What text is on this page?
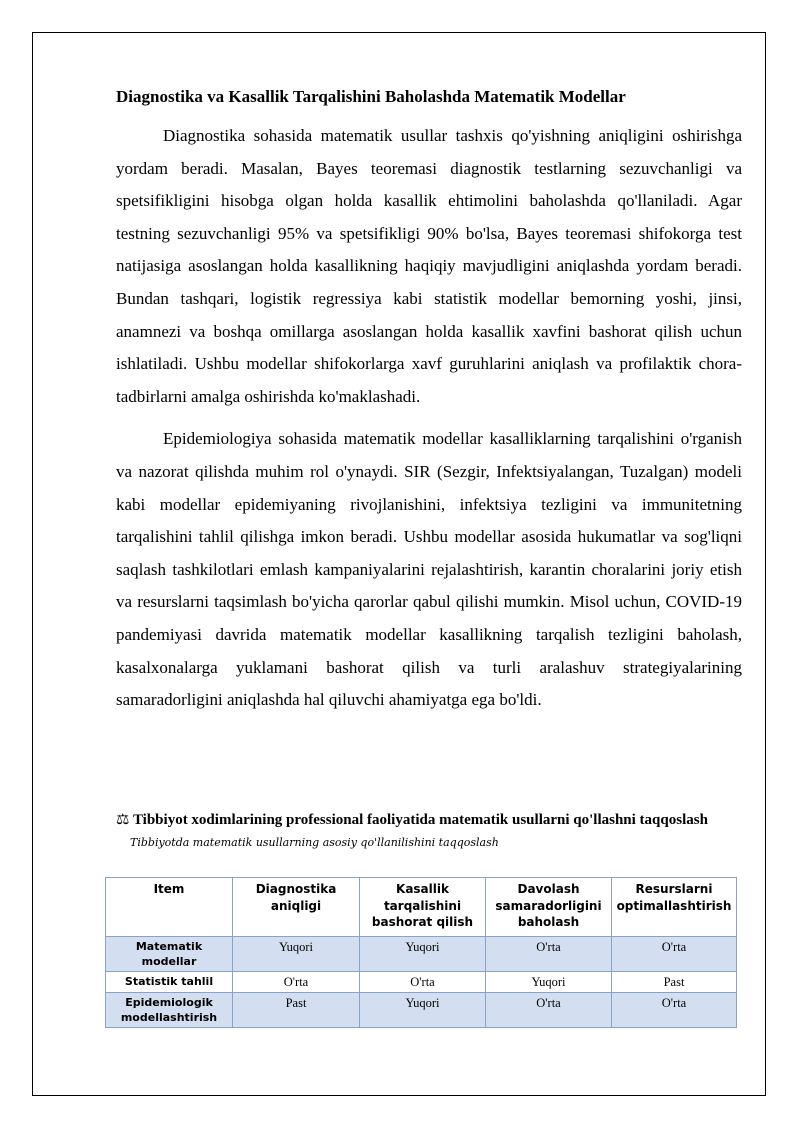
Diagnostika va Kasallik Tarqalishini Baholashda Matematik Modellar

Diagnostika sohasida matematik usullar tashxis qo'yishning aniqligini oshirishga yordam beradi. Masalan, Bayes teoremasi diagnostik testlarning sezuvchanligi va spetsifikligini hisobga olgan holda kasallik ehtimolini baholashda qo'llaniladi. Agar testning sezuvchanligi 95% va spetsifikligi 90% bo'lsa, Bayes teoremasi shifokorga test natijasiga asoslangan holda kasallikning haqiqiy mavjudligini aniqlashda yordam beradi. Bundan tashqari, logistik regressiya kabi statistik modellar bemorning yoshi, jinsi, anamnezi va boshqa omillarga asoslangan holda kasallik xavfini bashorat qilish uchun ishlatiladi. Ushbu modellar shifokorlarga xavf guruhlarini aniqlash va profilaktik chora-tadbirlarni amalga oshirishda ko'maklashadi.

Epidemiologiya sohasida matematik modellar kasalliklarning tarqalishini o'rganish va nazorat qilishda muhim rol o'ynaydi. SIR (Sezgir, Infektsiyalangan, Tuzalgan) modeli kabi modellar epidemiyaning rivojlanishini, infektsiya tezligini va immunitetning tarqalishini tahlil qilishga imkon beradi. Ushbu modellar asosida hukumatlar va sog'liqni saqlash tashkilotlari emlash kampaniyalarini rejalashtirish, karantin choralarini joriy etish va resurslarni taqsimlash bo'yicha qarorlar qabul qilishi mumkin. Misol uchun, COVID-19 pandemiyasi davrida matematik modellar kasallikning tarqalish tezligini baholash, kasalxonalarga yuklamani bashorat qilish va turli aralashuv strategiyalarining samaradorligini aniqlashda hal qiluvchi ahamiyatga ega bo'ldi.

⚖ Tibbiyot xodimlarining professional faoliyatida matematik usullarni qo'llashni taqqoslash
Tibbiyotda matematik usullarning asosiy qo'llanilishini taqqoslash
Item	Diagnostika aniqligi	Kasallik tarqalishini bashorat qilish	Davolash samaradorligini baholash	Resurslarni optimallashtirish
Matematik modellar	Yuqori	Yuqori	O'rta	O'rta
Statistik tahlil	O'rta	O'rta	Yuqori	Past
Epidemiologik modellashtirish	Past	Yuqori	O'rta	O'rta
